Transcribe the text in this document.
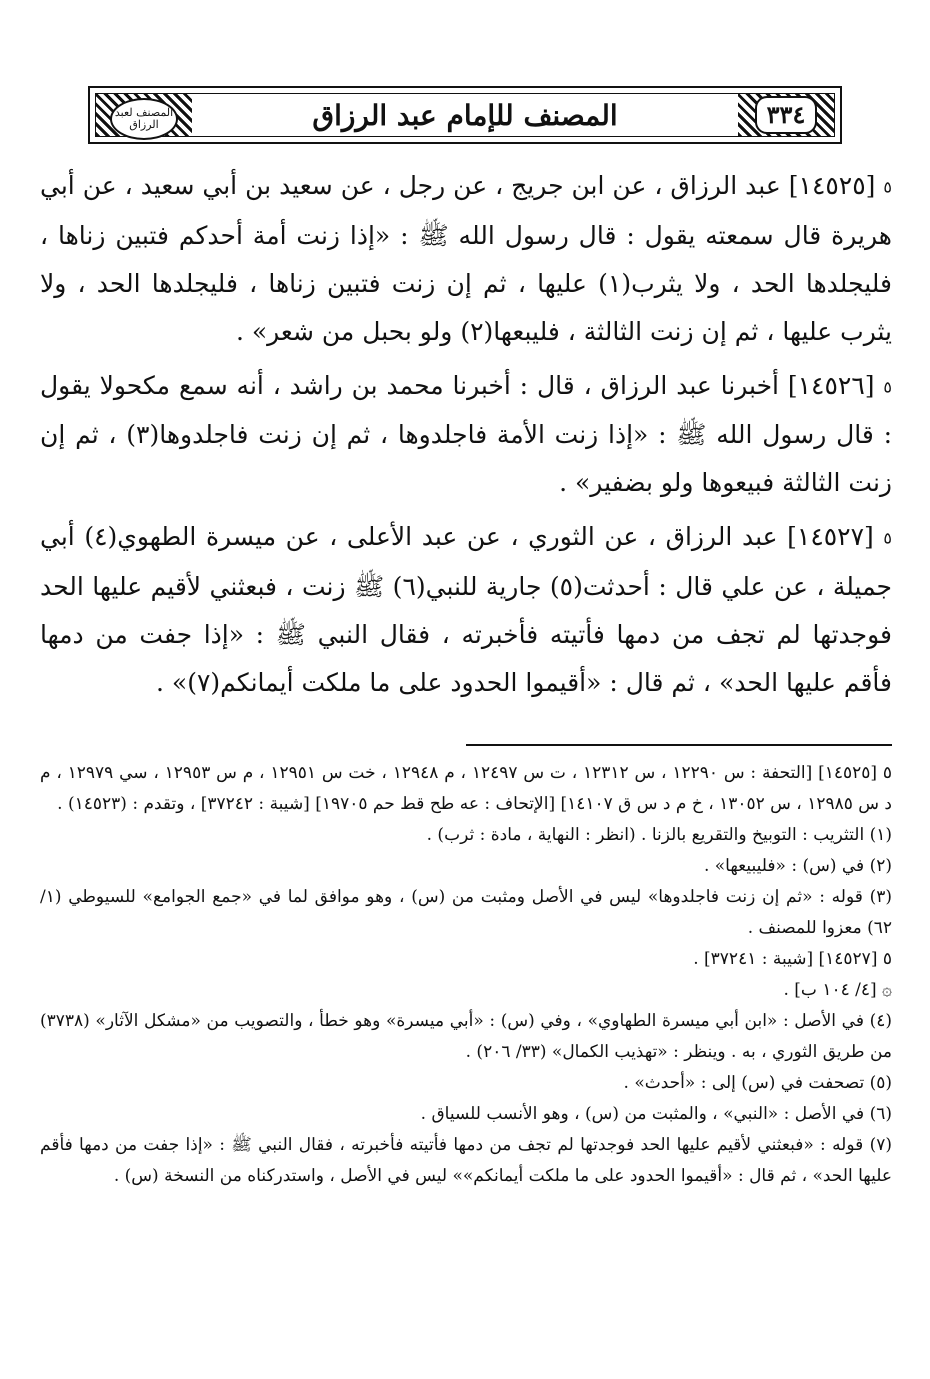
المصنف لعبد الرزاق	المصنف للإمام عبد الرزاق	٣٣٤

٥ [١٤٥٢٥] عبد الرزاق ، عن ابن جريج ، عن رجل ، عن سعيد بن أبي سعيد ، عن أبي هريرة قال سمعته يقول : قال رسول الله ﷺ : «إذا زنت أمة أحدكم فتبين زناها ، فليجلدها الحد ، ولا يثرب(١) عليها ، ثم إن زنت فتبين زناها ، فليجلدها الحد ، ولا يثرب عليها ، ثم إن زنت الثالثة ، فليبعها(٢) ولو بحبل من شعر» .

٥ [١٤٥٢٦] أخبرنا عبد الرزاق ، قال : أخبرنا محمد بن راشد ، أنه سمع مكحولا يقول : قال رسول الله ﷺ : «إذا زنت الأمة فاجلدوها ، ثم إن زنت فاجلدوها(٣) ، ثم إن زنت الثالثة فبيعوها ولو بضفير» .

٥ [١٤٥٢٧] عبد الرزاق ، عن الثوري ، عن عبد الأعلى ، عن ميسرة الطهوي(٤) أبي جميلة ، عن علي قال : أحدثت(٥) جارية للنبي(٦) ﷺ زنت ، فبعثني لأقيم عليها الحد فوجدتها لم تجف من دمها فأتيته فأخبرته ، فقال النبي ﷺ : «إذا جفت من دمها فأقم عليها الحد» ، ثم قال : «أقيموا الحدود على ما ملكت أيمانكم(٧)» .

٥ [١٤٥٢٥] [التحفة : س ١٢٢٩٠ ، س ١٢٣١٢ ، ت س ١٢٤٩٧ ، م ١٢٩٤٨ ، خت س ١٢٩٥١ ، م س ١٢٩٥٣ ، سي ١٢٩٧٩ ، م د س ١٢٩٨٥ ، س ١٣٠٥٢ ، خ م د س ق ١٤١٠٧] [الإتحاف : عه طح قط حم ١٩٧٠٥] [شيبة : ٣٧٢٤٢] ، وتقدم : (١٤٥٢٣) .

(١) التثريب : التوبيخ والتقريع بالزنا . (انظر : النهاية ، مادة : ثرب) .

(٢) في (س) : «فليبيعها» .

(٣) قوله : «ثم إن زنت فاجلدوها» ليس في الأصل ومثبت من (س) ، وهو موافق لما في «جمع الجوامع» للسيوطي (١/ ٦٢) معزوا للمصنف .

٥ [١٤٥٢٧] [شيبة : ٣٧٢٤١] .

۞ [٤/ ١٠٤ ب] .

(٤) في الأصل : «ابن أبي ميسرة الطهاوي» ، وفي (س) : «أبي ميسرة» وهو خطأ ، والتصويب من «مشكل الآثار» (٣٧٣٨) من طريق الثوري ، به . وينظر : «تهذيب الكمال» (٣٣/ ٢٠٦) .

(٥) تصحفت في (س) إلى : «أحدث» .

(٦) في الأصل : «النبي» ، والمثبت من (س) ، وهو الأنسب للسياق .

(٧) قوله : «فبعثني لأقيم عليها الحد فوجدتها لم تجف من دمها فأتيته فأخبرته ، فقال النبي ﷺ : «إذا جفت من دمها فأقم عليها الحد» ، ثم قال : «أقيموا الحدود على ما ملكت أيمانكم»» ليس في الأصل ، واستدركناه من النسخة (س) .
